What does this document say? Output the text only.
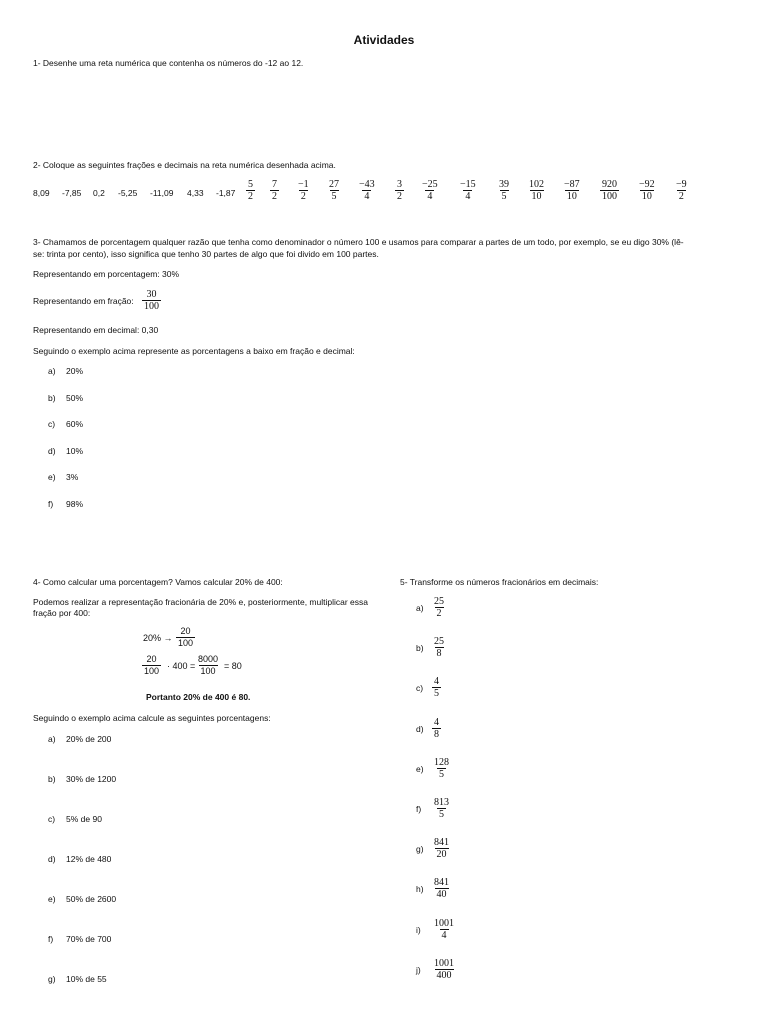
Atividades
1- Desenhe uma reta numérica que contenha os números do -12 ao 12.
2- Coloque as seguintes frações e decimais na reta numérica desenhada acima.
8,09 -7,85 0,2 -5,25 -11,09 4,33 $-1,87 \frac{5}{2} \frac{7}{2} \frac{-1}{2} \frac{27}{5} \frac{-43}{4} \frac{3}{2} \frac{-25}{4} \frac{-15}{4} \frac{39}{5} \frac{102}{10} \frac{-87}{10} \frac{920}{100} \frac{-92}{10} \frac{-9}{2}$
3- Chamamos de porcentagem qualquer razão que tenha como denominador o número 100 e usamos para comparar a partes de um todo, por exemplo, se eu digo 30% (lê-
se: trinta por cento), isso significa que tenho 30 partes de algo que foi divido em 100 partes.
Representando em porcentagem: 30%
Representando em fração: $\frac{30}{100}$
Representando em decimal: 0,30
Seguindo o exemplo acima represente as porcentagens a baixo em fração e decimal:
a) 20%
b) 50%
c) 60%
d) 10%
e) 3%
f) 98%
4- Como calcular uma porcentagem? Vamos calcular 20% de 400:
Podemos realizar a representação fracionária de 20% e, posteriormente, multiplicar essa fração por 400:
$20\% \to \frac{20}{100}$
$\frac{20}{100} \cdot 400 = \frac{8000}{100} = 80$
Portanto 20% de 400 é 80.
Seguindo o exemplo acima calcule as seguintes porcentagens:
a) 20% de 200
b) 30% de 1200
c) 5% de 90
d) 12% de 480
e) 50% de 2600
f) 70% de 700
g) 10% de 55
5- Transforme os números fracionários em decimais:
$a) \frac{25}{2}$
$b) \frac{25}{8}$
$c) \frac{4}{5}$
$d) \frac{4}{8}$
$e) \frac{128}{5}$
$f) \frac{813}{5}$
$g) \frac{841}{20}$
$h) \frac{841}{40}$
$i) \frac{1001}{4}$
$j) \frac{1001}{400}$
